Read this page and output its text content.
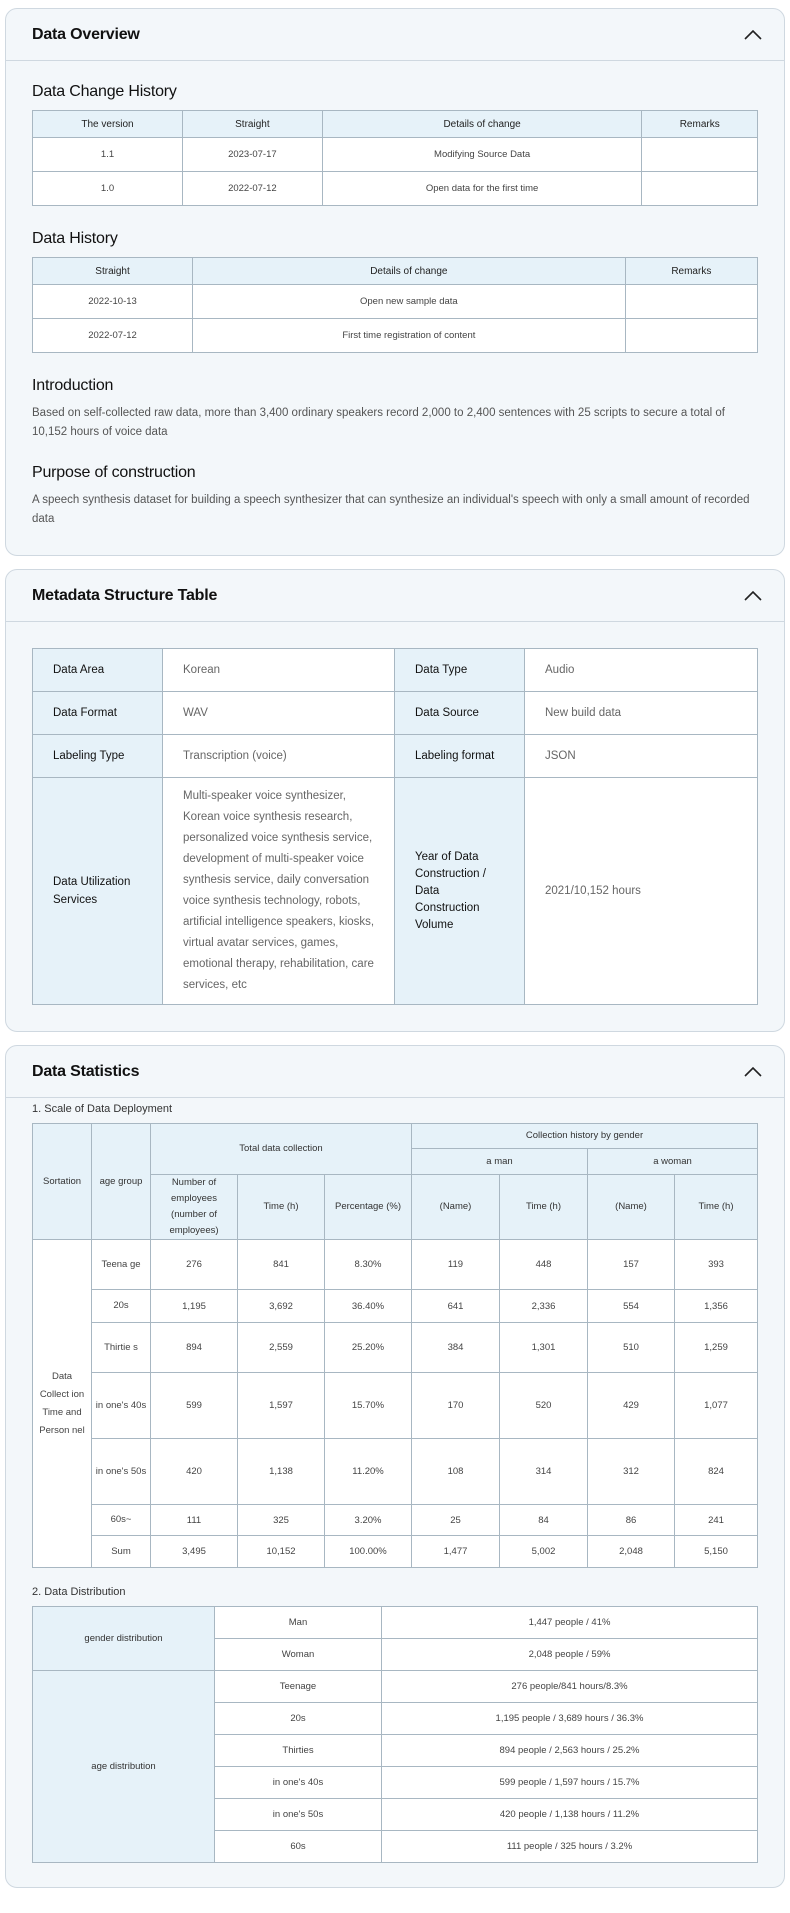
Data Overview
Data Change History
The version	Straight	Details of change	Remarks
1.1	2023-07-17	Modifying Source Data	
1.0	2022-07-12	Open data for the first time	
Data History
Straight	Details of change	Remarks
2022-10-13	Open new sample data	
2022-07-12	First time registration of content	
Introduction
Based on self-collected raw data, more than 3,400 ordinary speakers record 2,000 to 2,400 sentences with 25 scripts to secure a total of 10,152 hours of voice data
Purpose of construction
A speech synthesis dataset for building a speech synthesizer that can synthesize an individual's speech with only a small amount of recorded data
Metadata Structure Table
Data Area	Korean	Data Type	Audio
Data Format	WAV	Data Source	New build data
Labeling Type	Transcription (voice)	Labeling format	JSON
Data Utilization Services	Multi-speaker voice synthesizer, Korean voice synthesis research, personalized voice synthesis service, development of multi-speaker voice synthesis service, daily conversation voice synthesis technology, robots, artificial intelligence speakers, kiosks, virtual avatar services, games, emotional therapy, rehabilitation, care services, etc	Year of Data Construction / Data Construction Volume	2021/10,152 hours
Data Statistics
1. Scale of Data Deployment
Sortation	age group	Total data collection			Collection history by gender			
					a man		a woman	
		Number of employees (number of employees)	Time (h)	Percentage (%)	(Name)	Time (h)	(Name)	Time (h)
Data Collect ion Time and Person nel	Teena ge	276	841	8.30%	119	448	157	393
	20s	1,195	3,692	36.40%	641	2,336	554	1,356
	Thirtie s	894	2,559	25.20%	384	1,301	510	1,259
	in one's 40s	599	1,597	15.70%	170	520	429	1,077
	in one's 50s	420	1,138	11.20%	108	314	312	824
	60s~	111	325	3.20%	25	84	86	241
	Sum	3,495	10,152	100.00%	1,477	5,002	2,048	5,150
2. Data Distribution
gender distribution	Man	1,447 people / 41%
	Woman	2,048 people / 59%
age distribution	Teenage	276 people/841 hours/8.3%
	20s	1,195 people / 3,689 hours / 36.3%
	Thirties	894 people / 2,563 hours / 25.2%
	in one's 40s	599 people / 1,597 hours / 15.7%
	in one's 50s	420 people / 1,138 hours / 11.2%
	60s	111 people / 325 hours / 3.2%
